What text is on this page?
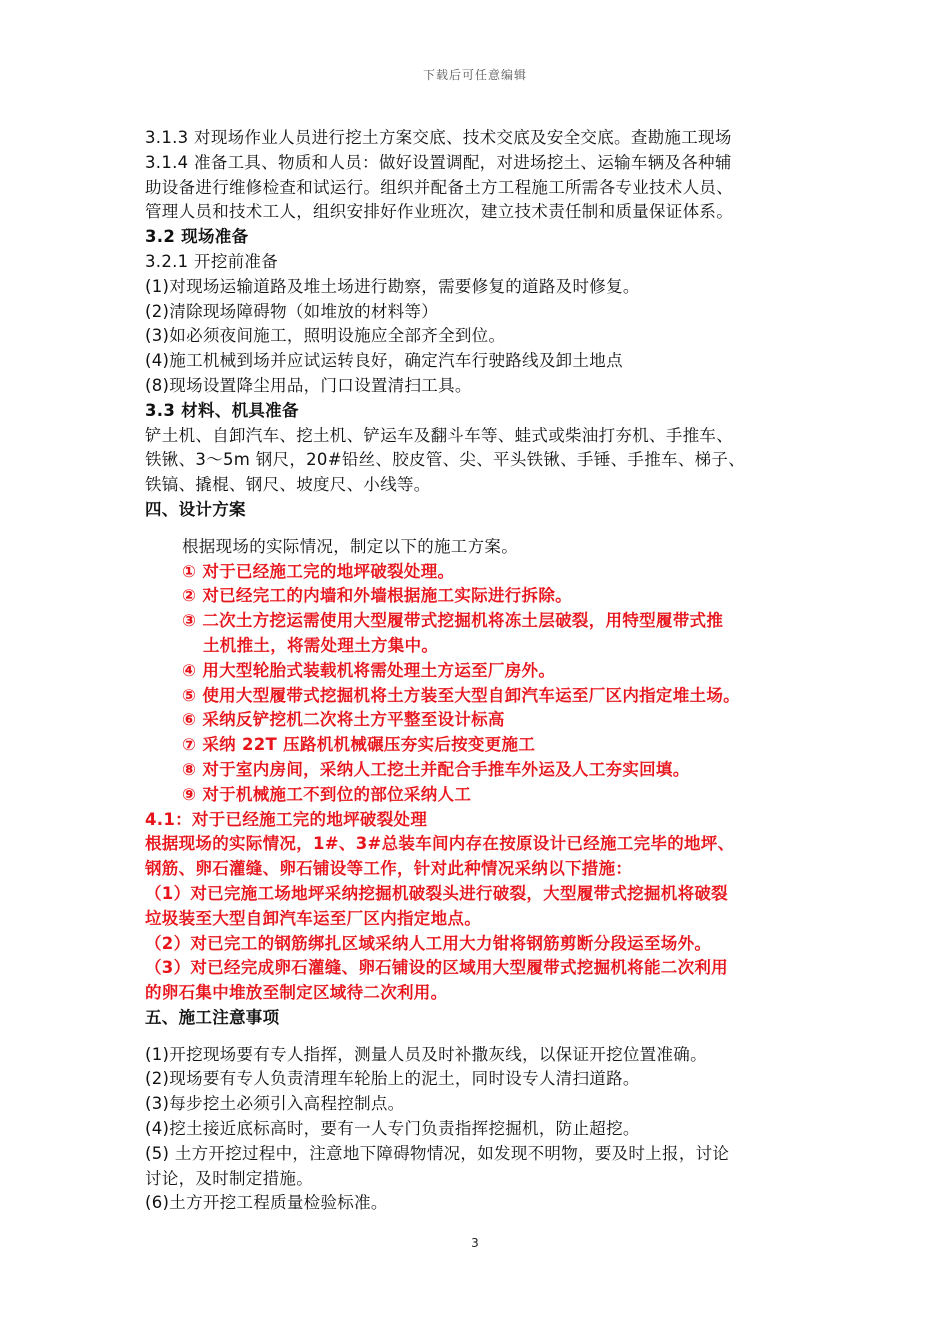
下载后可任意编辑
3.1.3 对现场作业人员进行挖土方案交底、技术交底及安全交底。查勘施工现场
3.1.4 准备工具、物质和人员：做好设置调配，对进场挖土、运输车辆及各种辅
助设备进行维修检查和试运行。组织并配备土方工程施工所需各专业技术人员、
管理人员和技术工人，组织安排好作业班次，建立技术责任制和质量保证体系。
3.2 现场准备
3.2.1 开挖前准备
(1)对现场运输道路及堆土场进行勘察，需要修复的道路及时修复。
(2)清除现场障碍物（如堆放的材料等）
(3)如必须夜间施工，照明设施应全部齐全到位。
(4)施工机械到场并应试运转良好，确定汽车行驶路线及卸土地点
(8)现场设置降尘用品，门口设置清扫工具。
3.3 材料、机具准备
铲土机、自卸汽车、挖土机、铲运车及翻斗车等、蛙式或柴油打夯机、手推车、
铁锹、3～5m 钢尺，20#铅丝、胶皮管、尖、平头铁锹、手锤、手推车、梯子、
铁镐、撬棍、钢尺、坡度尺、小线等。
四、设计方案
根据现场的实际情况，制定以下的施工方案。
① 对于已经施工完的地坪破裂处理。
② 对已经完工的内墙和外墙根据施工实际进行拆除。
③ 二次土方挖运需使用大型履带式挖掘机将冻土层破裂，用特型履带式推
土机推土，将需处理土方集中。
④ 用大型轮胎式装载机将需处理土方运至厂房外。
⑤ 使用大型履带式挖掘机将土方装至大型自卸汽车运至厂区内指定堆土场。
⑥ 采纳反铲挖机二次将土方平整至设计标高
⑦ 采纳 22T 压路机机械碾压夯实后按变更施工
⑧ 对于室内房间，采纳人工挖土并配合手推车外运及人工夯实回填。
⑨ 对于机械施工不到位的部位采纳人工
4.1：对于已经施工完的地坪破裂处理
根据现场的实际情况，1#、3#总装车间内存在按原设计已经施工完毕的地坪、
钢筋、卵石灌缝、卵石铺设等工作，针对此种情况采纳以下措施：
（1）对已完施工场地坪采纳挖掘机破裂头进行破裂，大型履带式挖掘机将破裂
垃圾装至大型自卸汽车运至厂区内指定地点。
（2）对已完工的钢筋绑扎区域采纳人工用大力钳将钢筋剪断分段运至场外。
（3）对已经完成卵石灌缝、卵石铺设的区域用大型履带式挖掘机将能二次利用
的卵石集中堆放至制定区域待二次利用。
五、施工注意事项
(1)开挖现场要有专人指挥，测量人员及时补撒灰线，以保证开挖位置准确。
(2)现场要有专人负责清理车轮胎上的泥土，同时设专人清扫道路。
(3)每步挖土必须引入高程控制点。
(4)挖土接近底标高时，要有一人专门负责指挥挖掘机，防止超挖。
(5) 土方开挖过程中，注意地下障碍物情况，如发现不明物，要及时上报，讨论
讨论，及时制定措施。
(6)土方开挖工程质量检验标准。
3
